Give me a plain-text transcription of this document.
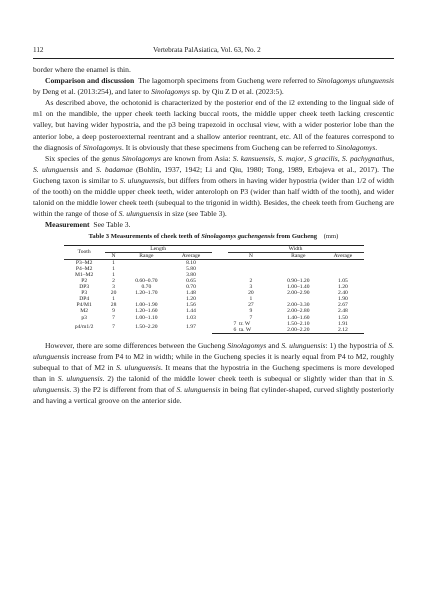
112	Vertebrata PalAsiatica, Vol. 63, No. 2

border where the enamel is thin.

Comparison and discussion The lagomorph specimens from Gucheng were referred to Sinolagomys ulunguensis by Deng et al. (2013:254), and later to Sinolagomys sp. by Qiu Z D et al. (2023:5).

As described above, the ochotonid is characterized by the posterior end of the i2 extending to the lingual side of m1 on the mandible, the upper cheek teeth lacking buccal roots, the middle upper cheek teeth lacking crescentic valley, but having wider hypostria, and the p3 being trapezoid in occlusal view, with a wider posterior lobe than the anterior lobe, a deep posteroexternal reentrant and a shallow anterior reentrant, etc. All of the features correspond to the diagnosis of Sinolagomys. It is obviously that these specimens from Gucheng can be referred to Sinolagomys.

Six species of the genus Sinolagomys are known from Asia: S. kansuensis, S. major, S gracilis, S. pachygnathus, S. ulunguensis and S. badamae (Bohlin, 1937, 1942; Li and Qiu, 1980; Tong, 1989, Erbajeva et al., 2017). The Gucheng taxon is similar to S. ulunguensis, but differs from others in having wider hypostria (wider than 1/2 of width of the tooth) on the middle upper cheek teeth, wider anteroloph on P3 (wider than half width of the tooth), and wider talonid on the middle lower cheek teeth (subequal to the trigonid in width). Besides, the cheek teeth from Gucheng are within the range of those of S. ulunguensis in size (see Table 3).

Measurement See Table 3.

Table 3 Measurements of cheek teeth of Sinolagomys guchengensis from Gucheng (mm)
Tooth	Length				Width		
	N	Range	Average		N	Range	Average
P3–M2	1		8.10				
P4–M2	1		5.80				
M1–M2	1		3.80				
P2	2	0.60–0.70	0.65		2	0.90–1.20	1.05
DP3	3	0.70	0.70		3	1.00–1.40	1.20
P3	20	1.20–1.70	1.48		20	2.00–2.90	2.40
DP4	1		1.20		1		1.90
P4/M1	28	1.00–1.90	1.56		27	2.00–3.30	2.67
M2	9	1.20–1.60	1.44		9	2.00–2.80	2.48
p3	7	1.00–1.10	1.03		7	1.40–1.60	1.50
p4/m1/2	7	1.50–2.20	1.97		7 tr. W	1.50–2.10	1.91
					6 ta. W	2.00–2.20	2.12

However, there are some differences between the Gucheng Sinolagomys and S. ulunguensis: 1) the hypostria of S. ulunguensis increase from P4 to M2 in width; while in the Gucheng species it is nearly equal from P4 to M2, roughly subequal to that of M2 in S. ulunguensis. It means that the hypostria in the Gucheng specimens is more developed than in S. ulunguensis. 2) the talonid of the middle lower cheek teeth is subequal or slightly wider than that in S. ulunguensis. 3) the P2 is different from that of S. ulunguensis in being flat cylinder-shaped, curved slightly posteriorly and having a vertical groove on the anterior side.
